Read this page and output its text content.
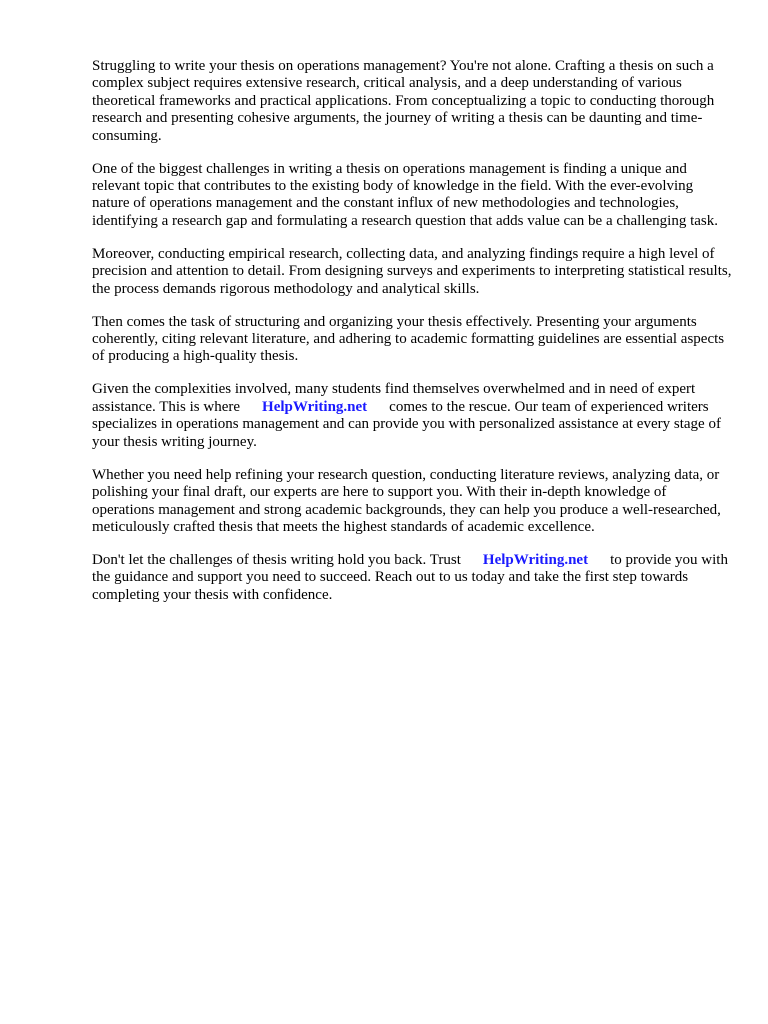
Struggling to write your thesis on operations management? You're not alone. Crafting a thesis on such a complex subject requires extensive research, critical analysis, and a deep understanding of various theoretical frameworks and practical applications. From conceptualizing a topic to conducting thorough research and presenting cohesive arguments, the journey of writing a thesis can be daunting and time-consuming.

One of the biggest challenges in writing a thesis on operations management is finding a unique and relevant topic that contributes to the existing body of knowledge in the field. With the ever-evolving nature of operations management and the constant influx of new methodologies and technologies, identifying a research gap and formulating a research question that adds value can be a challenging task.

Moreover, conducting empirical research, collecting data, and analyzing findings require a high level of precision and attention to detail. From designing surveys and experiments to interpreting statistical results, the process demands rigorous methodology and analytical skills.

Then comes the task of structuring and organizing your thesis effectively. Presenting your arguments coherently, citing relevant literature, and adhering to academic formatting guidelines are essential aspects of producing a high-quality thesis.

Given the complexities involved, many students find themselves overwhelmed and in need of expert assistance. This is where HelpWriting.net comes to the rescue. Our team of experienced writers specializes in operations management and can provide you with personalized assistance at every stage of your thesis writing journey.

Whether you need help refining your research question, conducting literature reviews, analyzing data, or polishing your final draft, our experts are here to support you. With their in-depth knowledge of operations management and strong academic backgrounds, they can help you produce a well-researched, meticulously crafted thesis that meets the highest standards of academic excellence.

Don't let the challenges of thesis writing hold you back. Trust HelpWriting.net to provide you with the guidance and support you need to succeed. Reach out to us today and take the first step towards completing your thesis with confidence.
